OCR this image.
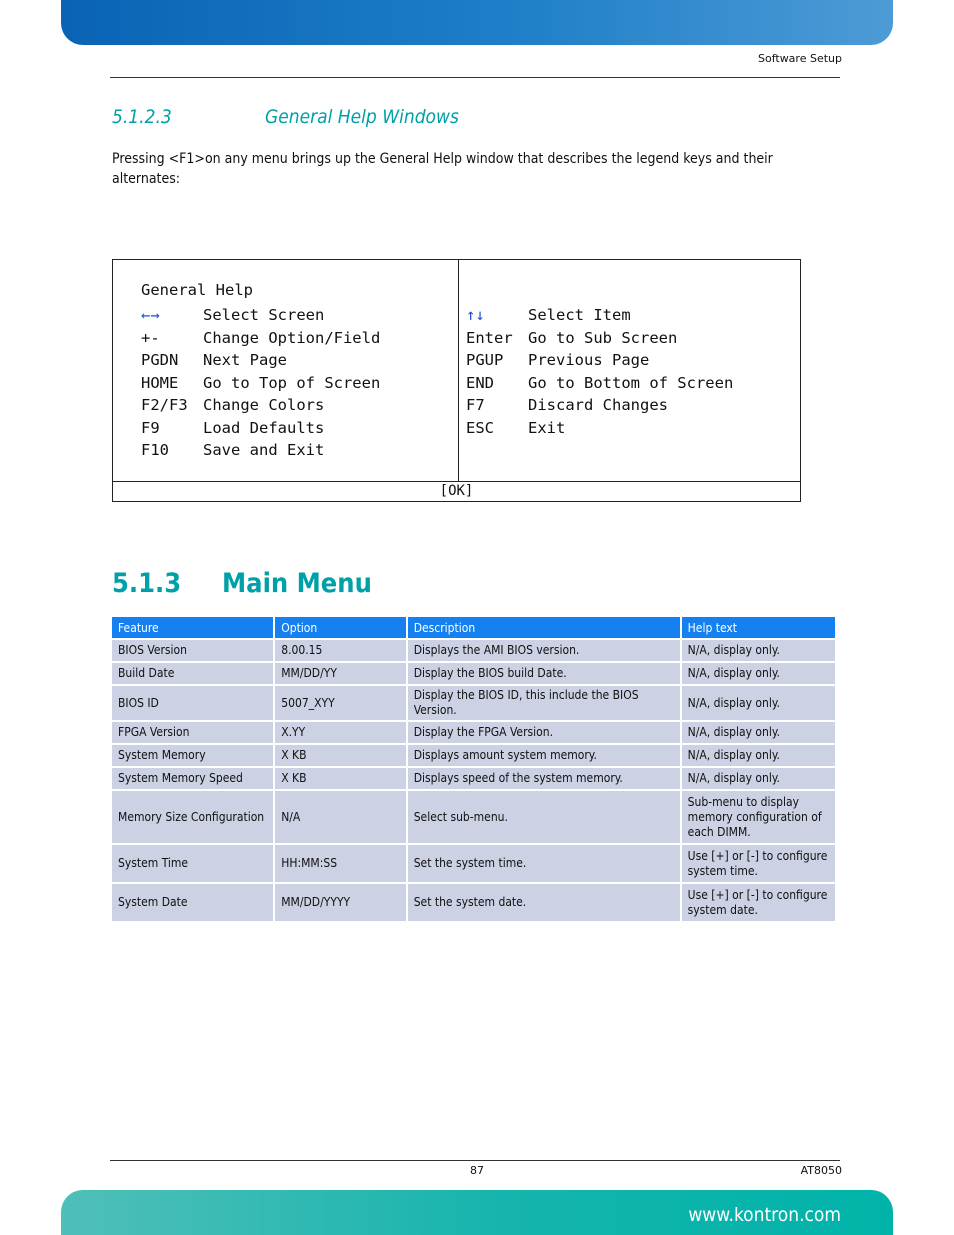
Software Setup
5.1.2.3	General Help Windows
Pressing <F1>on any menu brings up the General Help window that describes the legend keys and their alternates:
General Help
←→	Select Screen
+-	Change Option/Field
PGDN Next Page
HOME Go to Top of Screen
F2/F3 Change Colors
F9	Load Defaults
F10 Save and Exit
↑↓	Select Item
Enter Go to Sub Screen
PGUP Previous Page
END Go to Bottom of Screen
F7	Discard Changes
ESC Exit
[OK]
5.1.3 Main Menu
Feature	Option	Description	Help text
BIOS Version	8.00.15	Displays the AMI BIOS version.	N/A, display only.
Build Date	MM/DD/YY	Display the BIOS build Date.	N/A, display only.
BIOS ID	5007_XYY	Display the BIOS ID, this include the BIOS Version.	N/A, display only.
FPGA Version	X.YY	Display the FPGA Version.	N/A, display only.
System Memory	X KB	Displays amount system memory.	N/A, display only.
System Memory Speed	X KB	Displays speed of the system memory.	N/A, display only.
Memory Size Configuration	N/A	Select sub-menu.	Sub-menu to display memory configuration of each DIMM.
System Time	HH:MM:SS	Set the system time.	Use [+] or [-] to configure system time.
System Date	MM/DD/YYYY	Set the system date.	Use [+] or [-] to configure system date.
87	AT8050
www.kontron.com
